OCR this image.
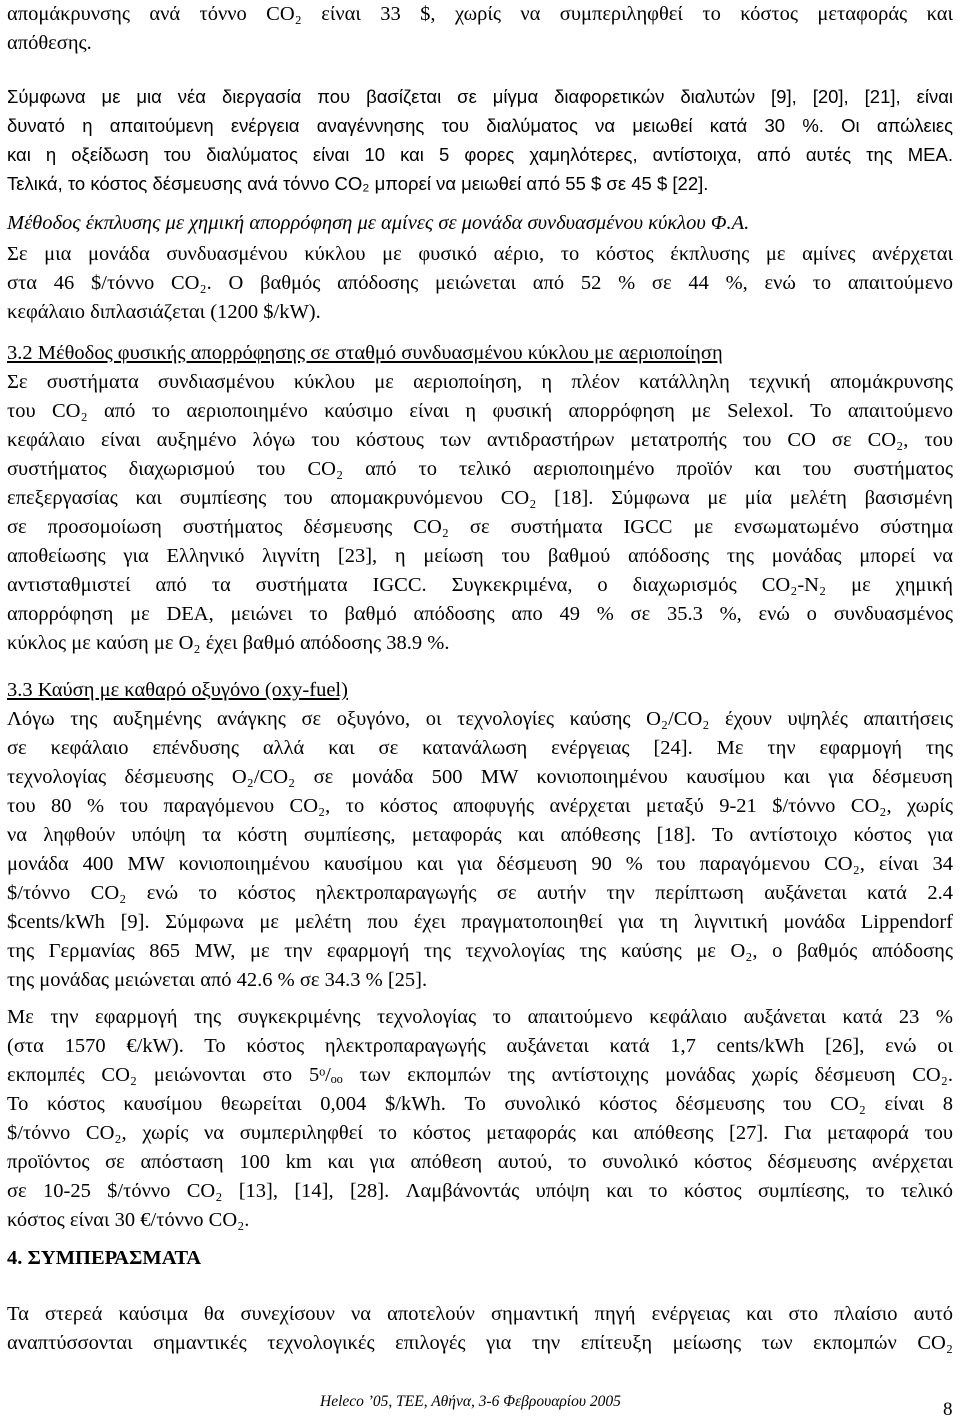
απομάκρυνσης ανά τόννο CO₂ είναι 33 $, χωρίς να συμπεριληφθεί το κόστος μεταφοράς και
απόθεσης.
Σύμφωνα με μια νέα διεργασία που βασίζεται σε μίγμα διαφορετικών διαλυτών [9], [20], [21], είναι
δυνατό η απαιτούμενη ενέργεια αναγέννησης του διαλύματος να μειωθεί κατά 30 %. Οι απώλειες
και η οξείδωση του διαλύματος είναι 10 και 5 φορες χαμηλότερες, αντίστοιχα, από αυτές της ΜΕΑ.
Τελικά, το κόστος δέσμευσης ανά τόννο CO₂ μπορεί να μειωθεί από 55 $ σε 45 $ [22].
Μέθοδος έκπλυσης με χημική απορρόφηση με αμίνες σε μονάδα συνδυασμένου κύκλου Φ.Α.
Σε μια μονάδα συνδυασμένου κύκλου με φυσικό αέριο, το κόστος έκπλυσης με αμίνες ανέρχεται
στα 46 $/τόννο CO₂. Ο βαθμός απόδοσης μειώνεται από 52 % σε 44 %, ενώ το απαιτούμενο
κεφάλαιο διπλασιάζεται (1200 $/kW).
3.2 Μέθοδος φυσικής απορρόφησης σε σταθμό συνδυασμένου κύκλου με αεριοποίηση
Σε συστήματα συνδιασμένου κύκλου με αεριοποίηση, η πλέον κατάλληλη τεχνική απομάκρυνσης
του CO₂ από το αεριοποιημένο καύσιμο είναι η φυσική απορρόφηση με Selexol. Το απαιτούμενο
κεφάλαιο είναι αυξημένο λόγω του κόστους των αντιδραστήρων μετατροπής του CO σε CO₂, του
συστήματος διαχωρισμού του CO₂ από το τελικό αεριοποιημένο προϊόν και του συστήματος
επεξεργασίας και συμπίεσης του απομακρυνόμενου CO₂ [18]. Σύμφωνα με μία μελέτη βασισμένη
σε προσομοίωση συστήματος δέσμευσης CO₂ σε συστήματα IGCC με ενσωματωμένο σύστημα
αποθείωσης για Ελληνικό λιγνίτη [23], η μείωση του βαθμού απόδοσης της μονάδας μπορεί να
αντισταθμιστεί από τα συστήματα IGCC. Συγκεκριμένα, ο διαχωρισμός CO₂-N₂ με χημική
απορρόφηση με DEA, μειώνει το βαθμό απόδοσης απο 49 % σε 35.3 %, ενώ ο συνδυασμένος
κύκλος με καύση με O₂ έχει βαθμό απόδοσης 38.9 %.
3.3 Καύση με καθαρό οξυγόνο (oxy-fuel)
Λόγω της αυξημένης ανάγκης σε οξυγόνο, οι τεχνολογίες καύσης O₂/CO₂ έχουν υψηλές απαιτήσεις
σε κεφάλαιο επένδυσης αλλά και σε κατανάλωση ενέργειας [24]. Με την εφαρμογή της
τεχνολογίας δέσμευσης O₂/CO₂ σε μονάδα 500 MW κονιοποιημένου καυσίμου και για δέσμευση
του 80 % του παραγόμενου CO₂, το κόστος αποφυγής ανέρχεται μεταξύ 9-21 $/τόννο CO₂, χωρίς
να ληφθούν υπόψη τα κόστη συμπίεσης, μεταφοράς και απόθεσης [18]. Το αντίστοιχο κόστος για
μονάδα 400 MW κονιοποιημένου καυσίμου και για δέσμευση 90 % του παραγόμενου CO₂, είναι 34
$/τόννο CO₂ ενώ το κόστος ηλεκτροπαραγωγής σε αυτήν την περίπτωση αυξάνεται κατά 2.4
$cents/kWh [9]. Σύμφωνα με μελέτη που έχει πραγματοποιηθεί για τη λιγνιτική μονάδα Lippendorf
της Γερμανίας 865 MW, με την εφαρμογή της τεχνολογίας της καύσης με O₂, ο βαθμός απόδοσης
της μονάδας μειώνεται από 42.6 % σε 34.3 % [25].
Με την εφαρμογή της συγκεκριμένης τεχνολογίας το απαιτούμενο κεφάλαιο αυξάνεται κατά 23 %
(στα 1570 €/kW). Το κόστος ηλεκτροπαραγωγής αυξάνεται κατά 1,7 cents/kWh [26], ενώ οι
εκπομπές CO₂ μειώνονται στο 5ᵒ/ₒₒ των εκπομπών της αντίστοιχης μονάδας χωρίς δέσμευση CO₂.
Το κόστος καυσίμου θεωρείται 0,004 $/kWh. Το συνολικό κόστος δέσμευσης του CO₂ είναι 8
$/τόννο CO₂, χωρίς να συμπεριληφθεί το κόστος μεταφοράς και απόθεσης [27]. Για μεταφορά του
προϊόντος σε απόσταση 100 km και για απόθεση αυτού, το συνολικό κόστος δέσμευσης ανέρχεται
σε 10-25 $/τόννο CO₂ [13], [14], [28]. Λαμβάνοντάς υπόψη και το κόστος συμπίεσης, το τελικό
κόστος είναι 30 €/τόννο CO₂.
4. ΣΥΜΠΕΡΑΣΜΑΤΑ
Τα στερεά καύσιμα θα συνεχίσουν να αποτελούν σημαντική πηγή ενέργειας και στο πλαίσιο αυτό
αναπτύσσονται σημαντικές τεχνολογικές επιλογές για την επίτευξη μείωσης των εκπομπών CO₂
Heleco ’05, ΤΕΕ, Αθήνα, 3-6 Φεβρουαρίου 2005	8
